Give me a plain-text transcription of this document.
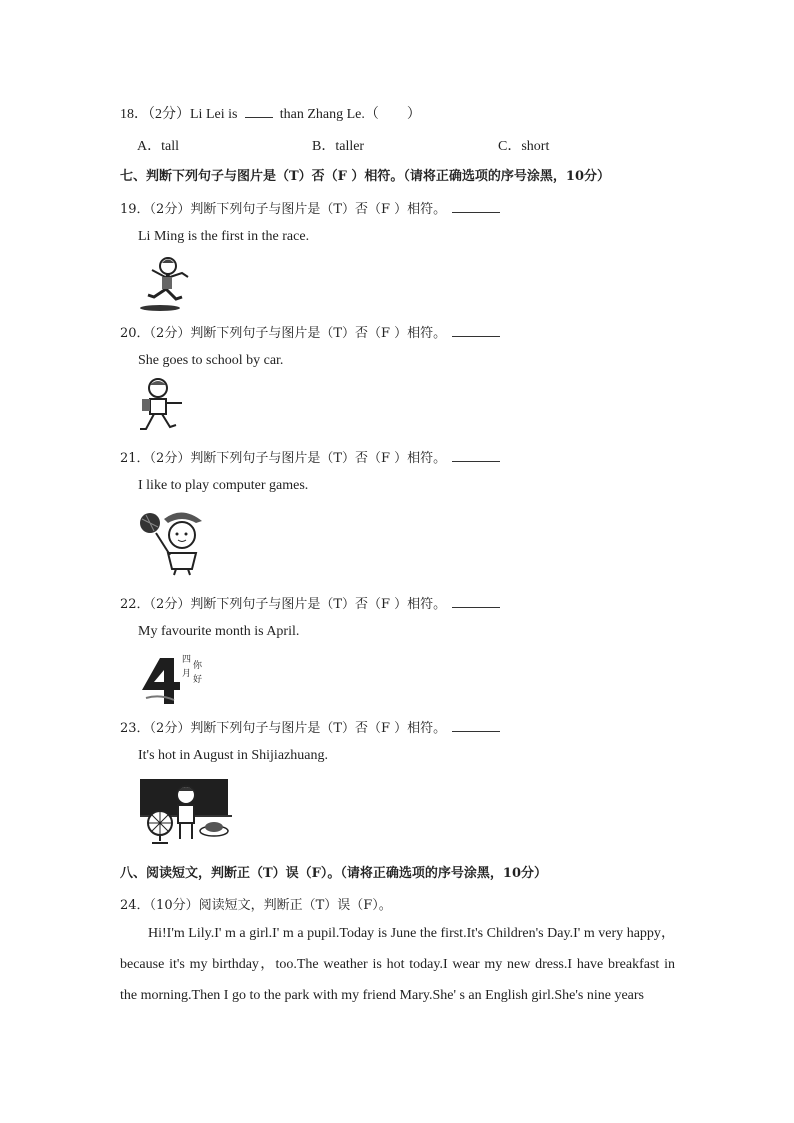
18．（2分）Li Lei is	than Zhang Le.（　　）
A．tall	B．taller	C．short
七、判断下列句子与图片是（T）否（F ）相符。（请将正确选项的序号涂黑，10分）
19．（2分）判断下列句子与图片是（T）否（F ）相符。
Li Ming is the first in the race.
20．（2分）判断下列句子与图片是（T）否（F ）相符。
She goes to school by car.
21．（2分）判断下列句子与图片是（T）否（F ）相符。
I like to play computer games.
22．（2分）判断下列句子与图片是（T）否（F ）相符。
My favourite month is April.
四
月
你
好
23．（2分）判断下列句子与图片是（T）否（F ）相符。
It's hot in August in Shijiazhuang.
八、阅读短文，判断正（T）误（F）。（请将正确选项的序号涂黑，10分）
24．（10分）阅读短文，判断正（T）误（F）。

Hi!I'm Lily.I' m a girl.I' m a pupil.Today is June the first.It's Children's Day.I' m very happy，because it's my birthday，too.The weather is hot today.I wear my new dress.I have breakfast in the morning.Then I go to the park with my friend Mary.She' s an English girl.She's nine years
